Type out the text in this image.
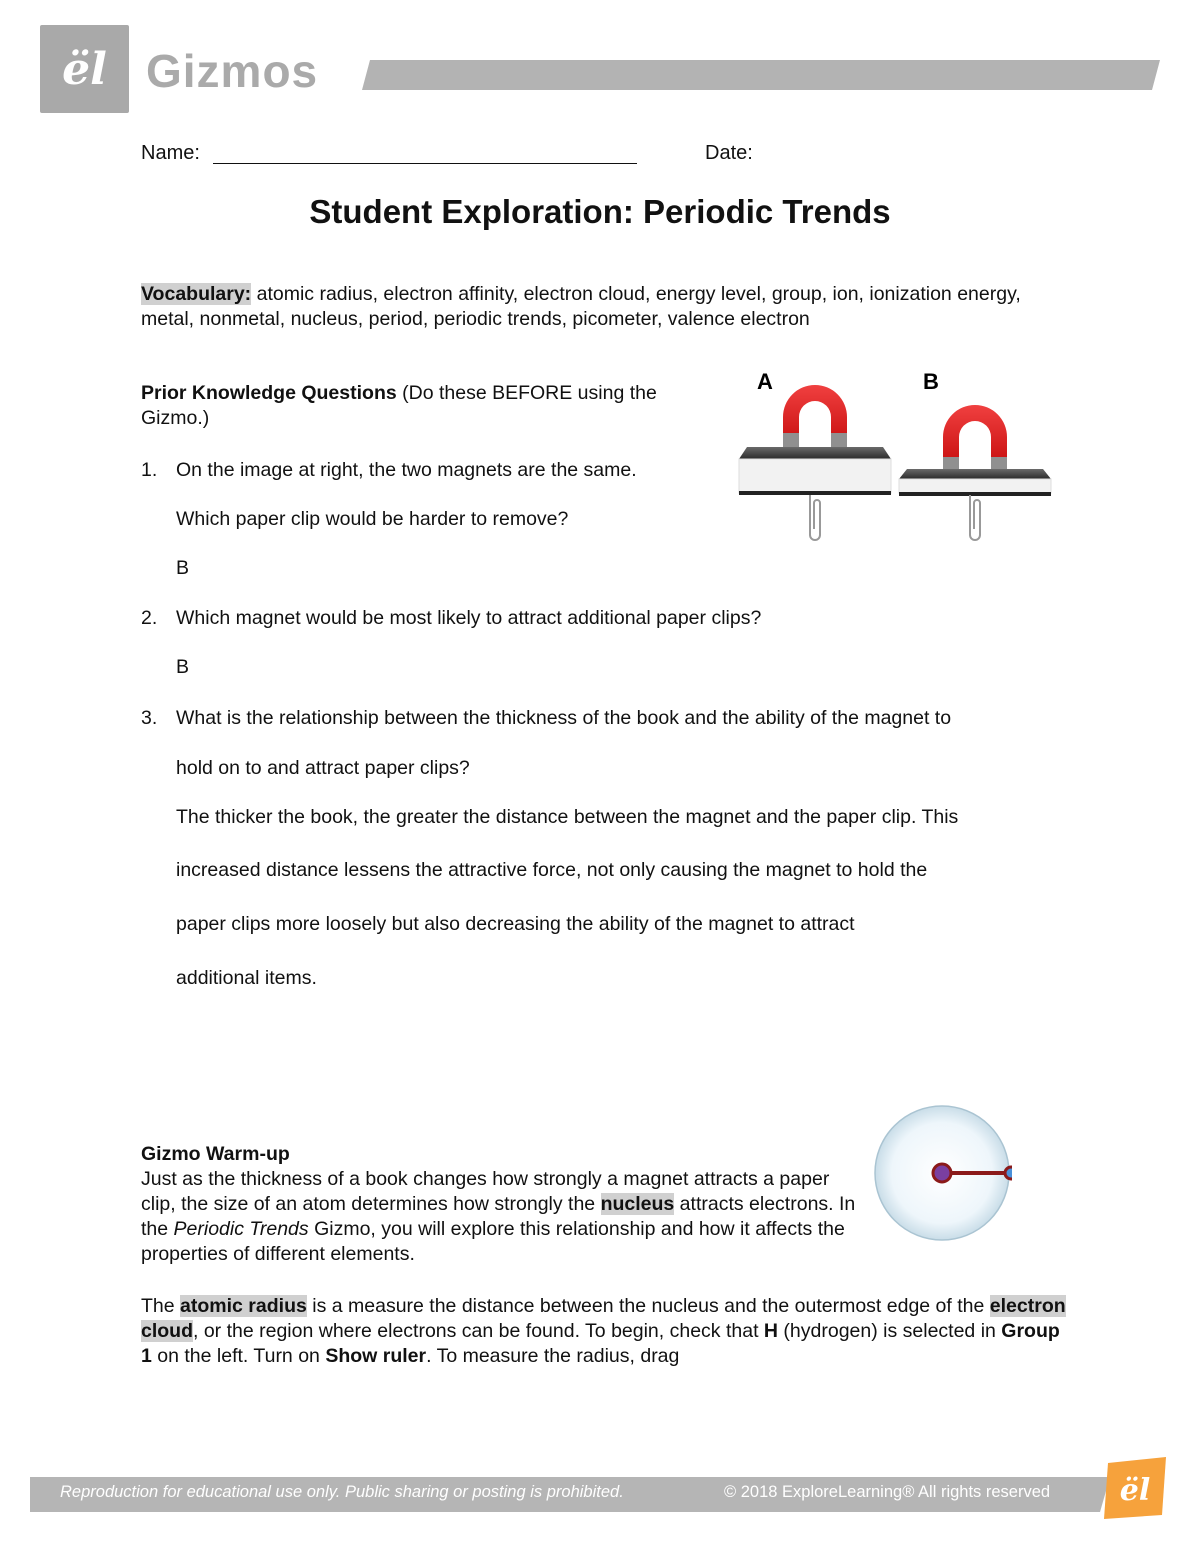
ël Gizmos
Name:	Date:
Student Exploration: Periodic Trends
Vocabulary: atomic radius, electron affinity, electron cloud, energy level, group, ion, ionization energy, metal, nonmetal, nucleus, period, periodic trends, picometer, valence electron
Prior Knowledge Questions (Do these BEFORE using the Gizmo.)
A	B
1. On the image at right, the two magnets are the same.
Which paper clip would be harder to remove?
B
2. Which magnet would be most likely to attract additional paper clips?
B
3. What is the relationship between the thickness of the book and the ability of the magnet to
hold on to and attract paper clips?
The thicker the book, the greater the distance between the magnet and the paper clip. This
increased distance lessens the attractive force, not only causing the magnet to hold the
paper clips more loosely but also decreasing the ability of the magnet to attract
additional items.
Gizmo Warm-up
Just as the thickness of a book changes how strongly a magnet attracts a paper clip, the size of an atom determines how strongly the nucleus attracts electrons. In the Periodic Trends Gizmo, you will explore this relationship and how it affects the properties of different elements.
The atomic radius is a measure the distance between the nucleus and the outermost edge of the electron cloud, or the region where electrons can be found. To begin, check that H (hydrogen) is selected in Group 1 on the left. Turn on Show ruler. To measure the radius, drag
Reproduction for educational use only. Public sharing or posting is prohibited.	© 2018 ExploreLearning® All rights reserved ël
